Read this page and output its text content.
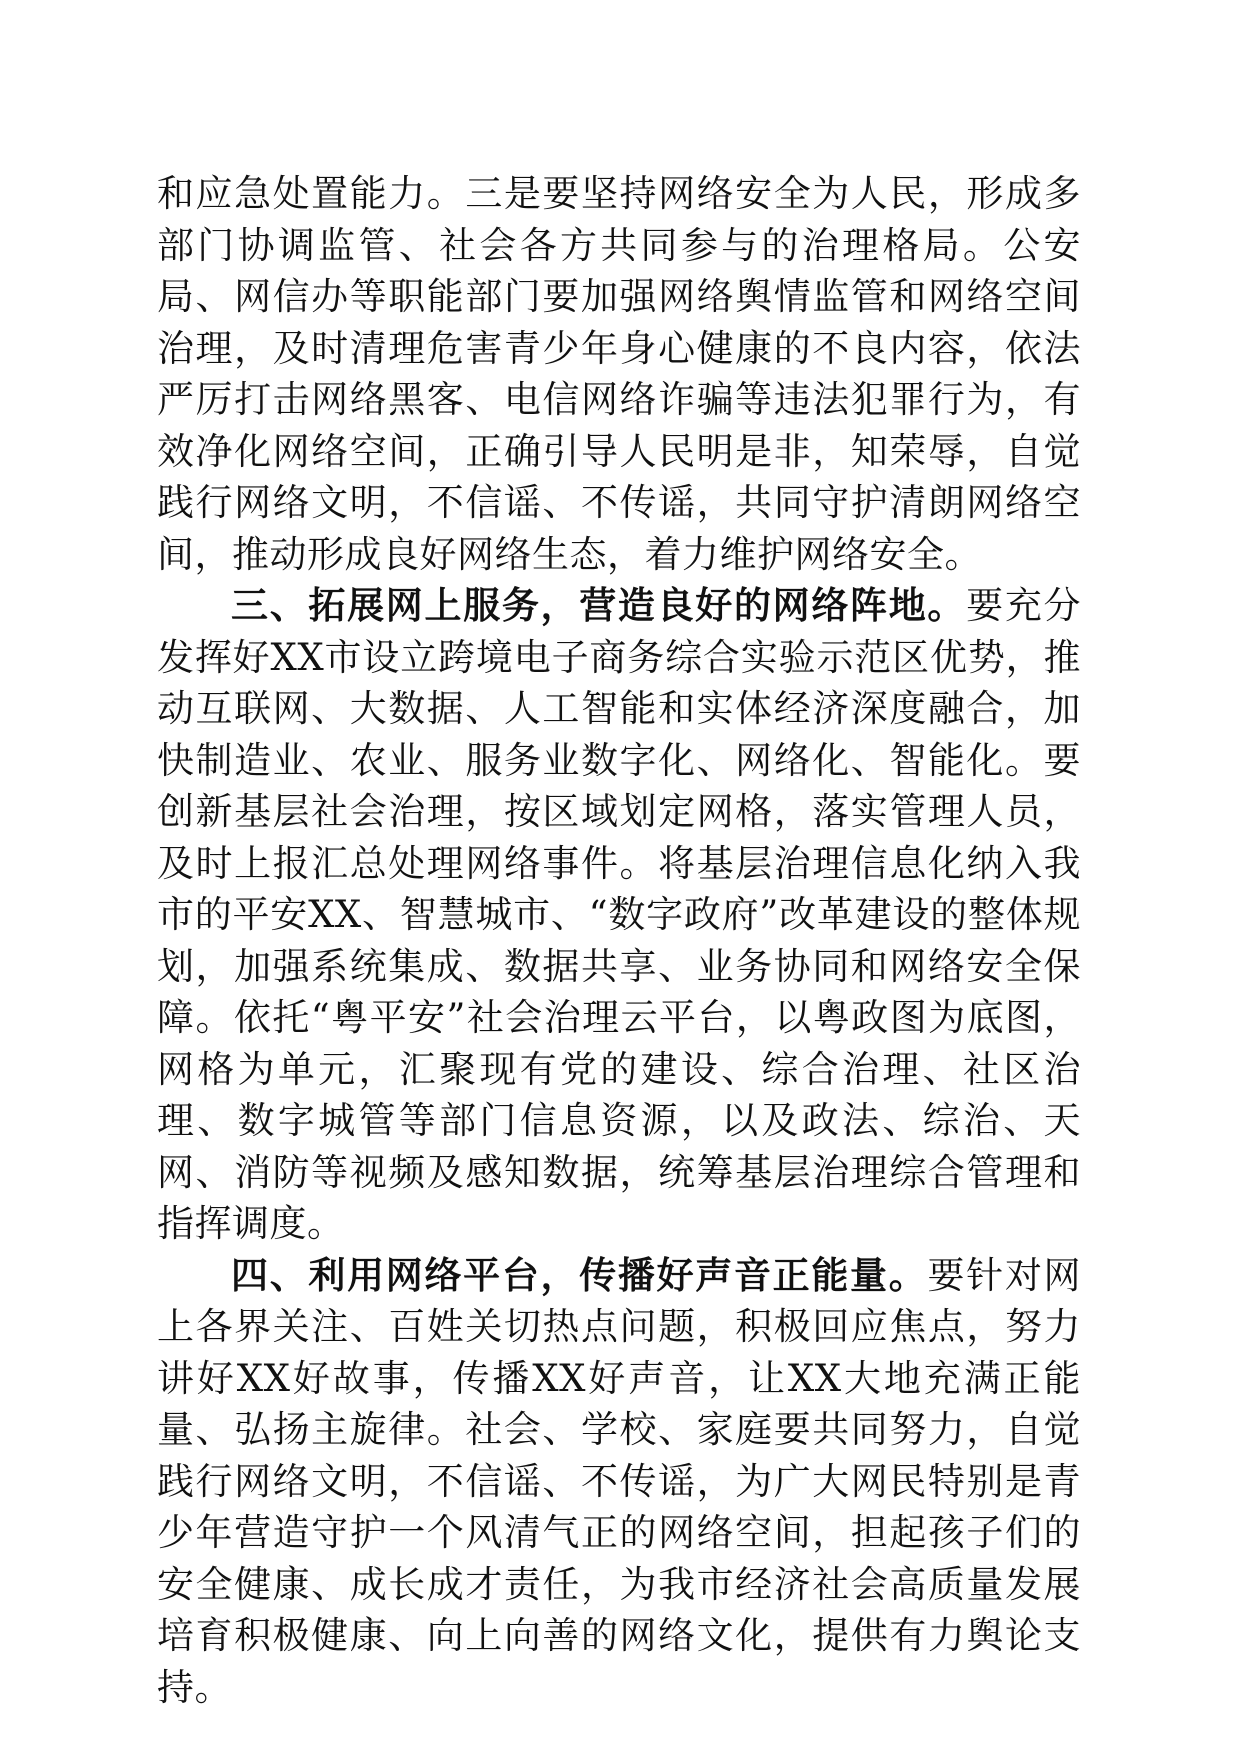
和应急处置能力。三是要坚持网络安全为人民，形成多部门协调监管、社会各方共同参与的治理格局。公安局、网信办等职能部门要加强网络舆情监管和网络空间治理，及时清理危害青少年身心健康的不良内容，依法严厉打击网络黑客、电信网络诈骗等违法犯罪行为，有效净化网络空间，正确引导人民明是非，知荣辱，自觉践行网络文明，不信谣、不传谣，共同守护清朗网络空间，推动形成良好网络生态，着力维护网络安全。

三、拓展网上服务，营造良好的网络阵地。要充分发挥好XX市设立跨境电子商务综合实验示范区优势，推动互联网、大数据、人工智能和实体经济深度融合，加快制造业、农业、服务业数字化、网络化、智能化。要创新基层社会治理，按区域划定网格，落实管理人员，及时上报汇总处理网络事件。将基层治理信息化纳入我市的平安XX、智慧城市、“数字政府”改革建设的整体规划，加强系统集成、数据共享、业务协同和网络安全保障。依托“粤平安”社会治理云平台，以粤政图为底图，网格为单元，汇聚现有党的建设、综合治理、社区治理、数字城管等部门信息资源，以及政法、综治、天网、消防等视频及感知数据，统筹基层治理综合管理和指挥调度。

四、利用网络平台，传播好声音正能量。要针对网上各界关注、百姓关切热点问题，积极回应焦点，努力讲好XX好故事，传播XX好声音，让XX大地充满正能量、弘扬主旋律。社会、学校、家庭要共同努力，自觉践行网络文明，不信谣、不传谣，为广大网民特别是青少年营造守护一个风清气正的网络空间，担起孩子们的安全健康、成长成才责任，为我市经济社会高质量发展培育积极健康、向上向善的网络文化，提供有力舆论支持。
